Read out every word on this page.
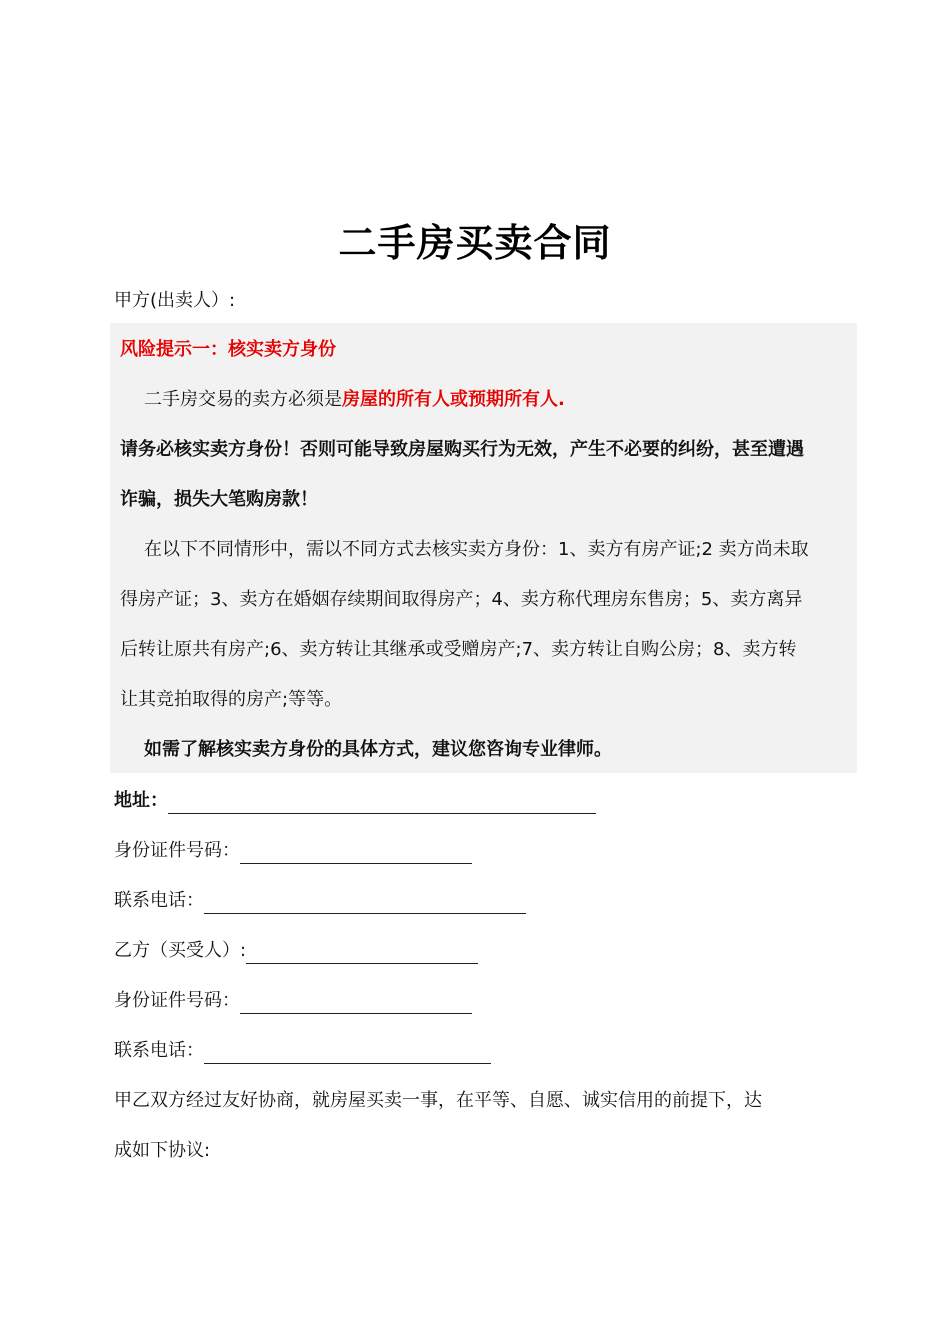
二手房买卖合同
甲方(出卖人）:
风险提示一：核实卖方身份
二手房交易的卖方必须是房屋的所有人或预期所有人.
请务必核实卖方身份！否则可能导致房屋购买行为无效，产生不必要的纠纷，甚至遭遇
诈骗，损失大笔购房款！
在以下不同情形中，需以不同方式去核实卖方身份：1、卖方有房产证;2 卖方尚未取
得房产证；3、卖方在婚姻存续期间取得房产；4、卖方称代理房东售房；5、卖方离异
后转让原共有房产;6、卖方转让其继承或受赠房产;7、卖方转让自购公房；8、卖方转
让其竞拍取得的房产;等等。
如需了解核实卖方身份的具体方式，建议您咨询专业律师。
地址：
身份证件号码：
联系电话：
乙方（买受人）:
身份证件号码：
联系电话：
甲乙双方经过友好协商，就房屋买卖一事，在平等、自愿、诚实信用的前提下，达
成如下协议:
